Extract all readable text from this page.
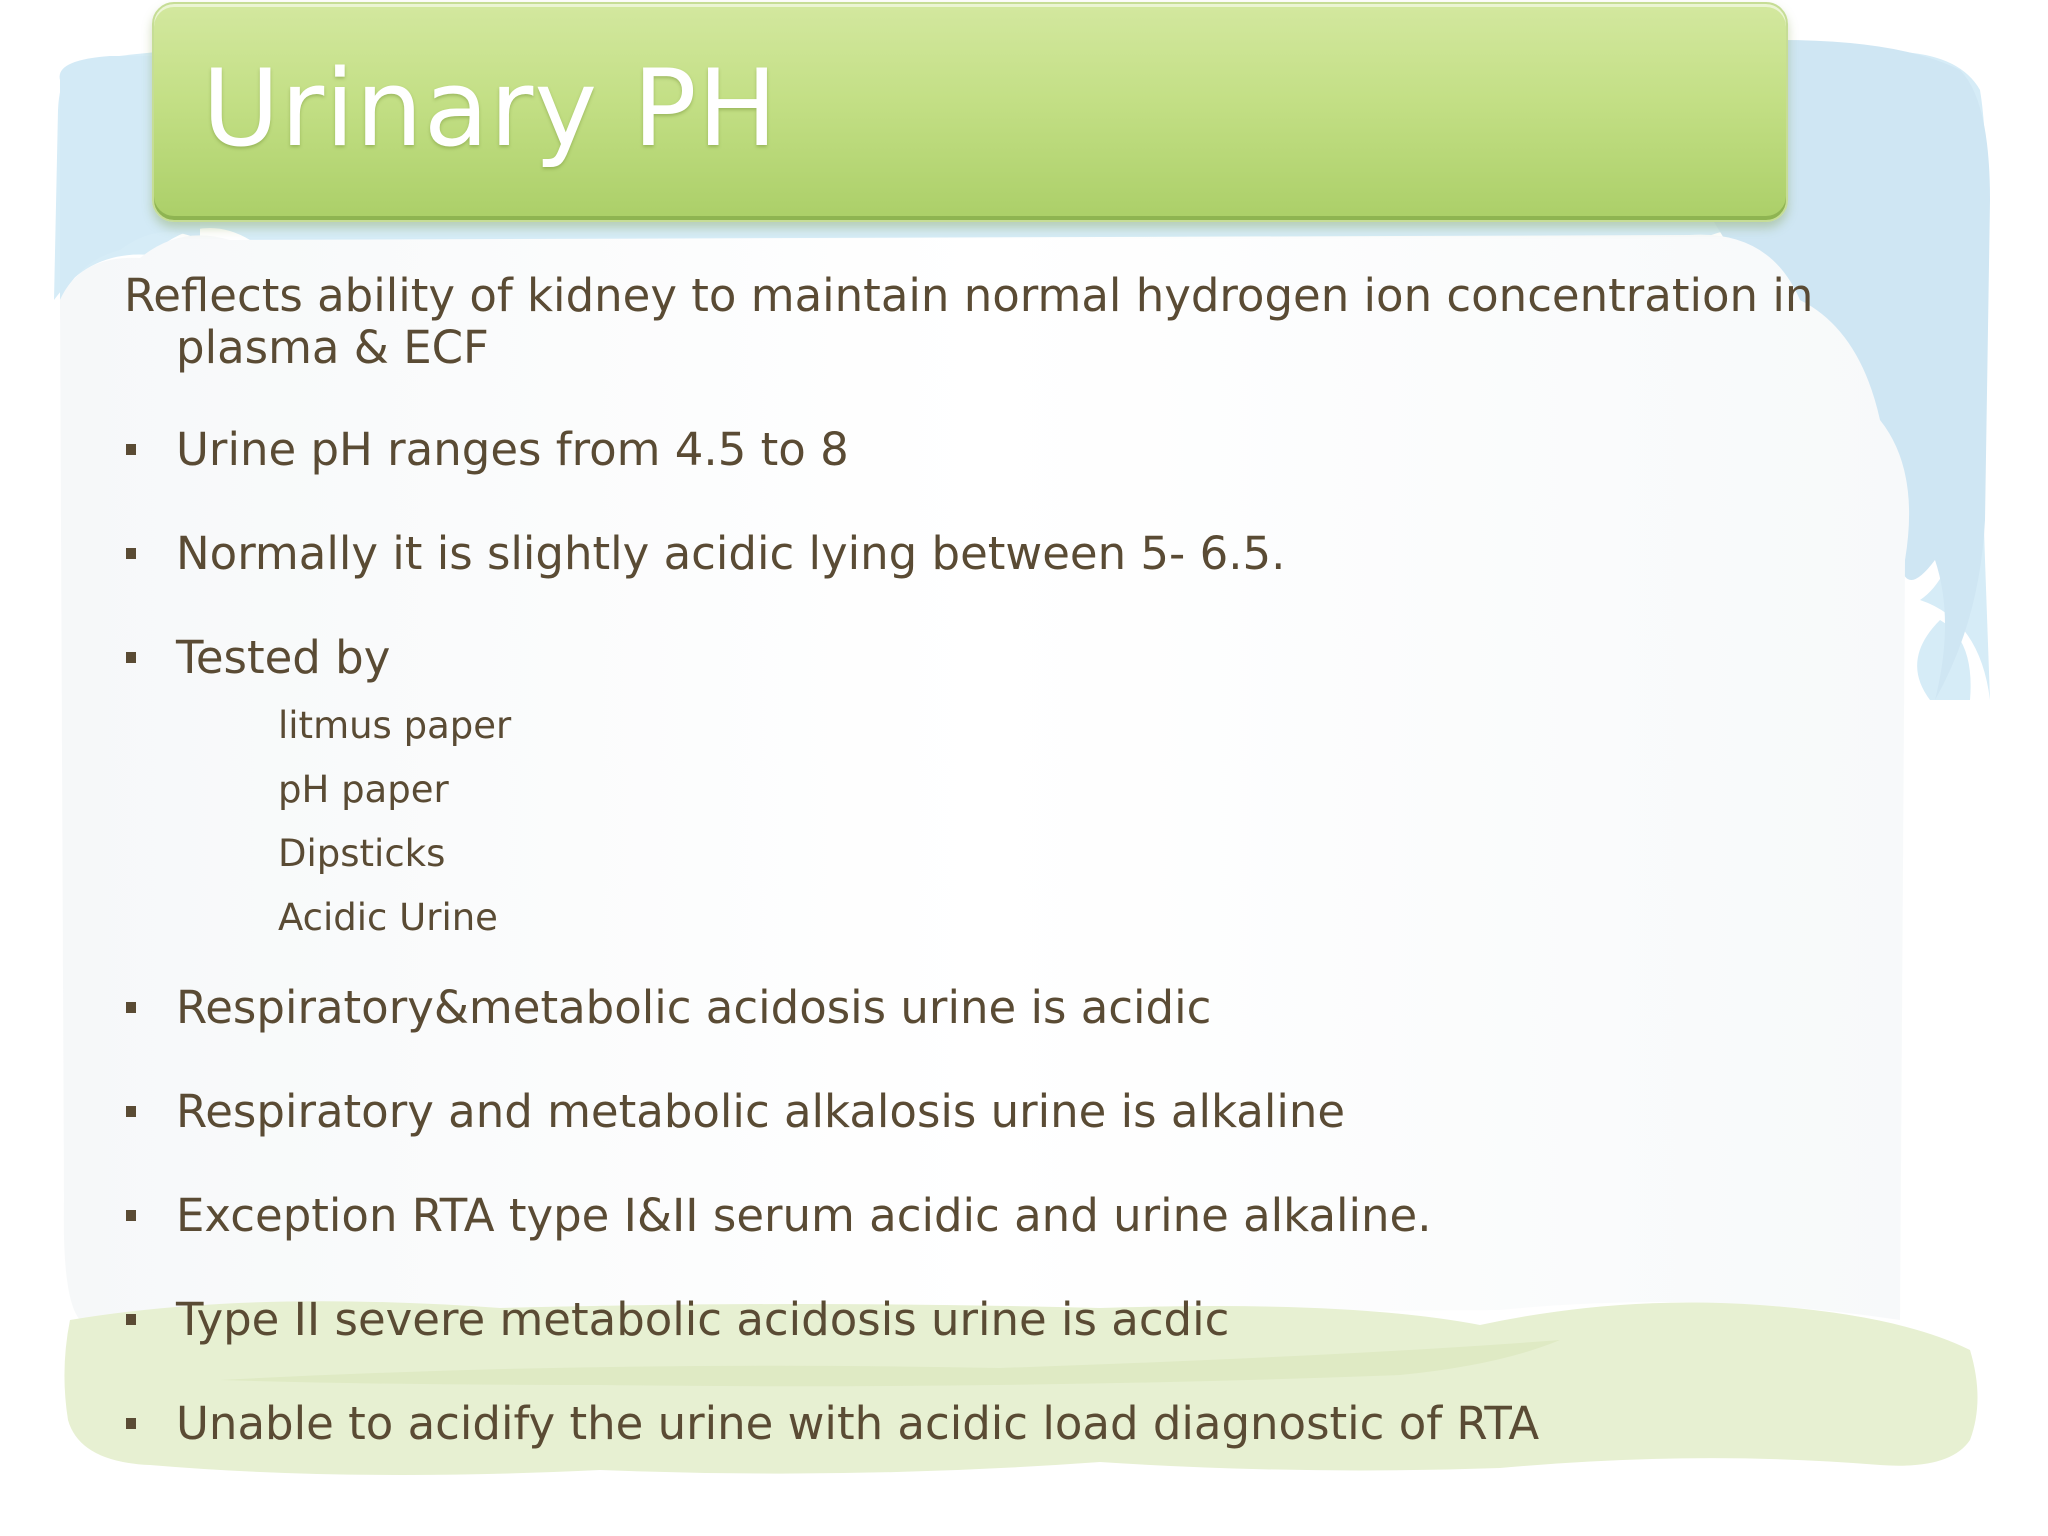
Urinary PH

Reflects ability of kidney to maintain normal hydrogen ion concentration in plasma & ECF

Urine pH ranges from 4.5 to 8
Normally it is slightly acidic lying between 5- 6.5.
Tested by
litmus paper
pH paper
Dipsticks
Acidic Urine
Respiratory&metabolic acidosis urine is acidic
Respiratory and metabolic alkalosis urine is alkaline
Exception RTA type I&II serum acidic and urine alkaline.
Type II severe metabolic acidosis urine is acdic
Unable to acidify the urine with acidic load diagnostic of RTA
